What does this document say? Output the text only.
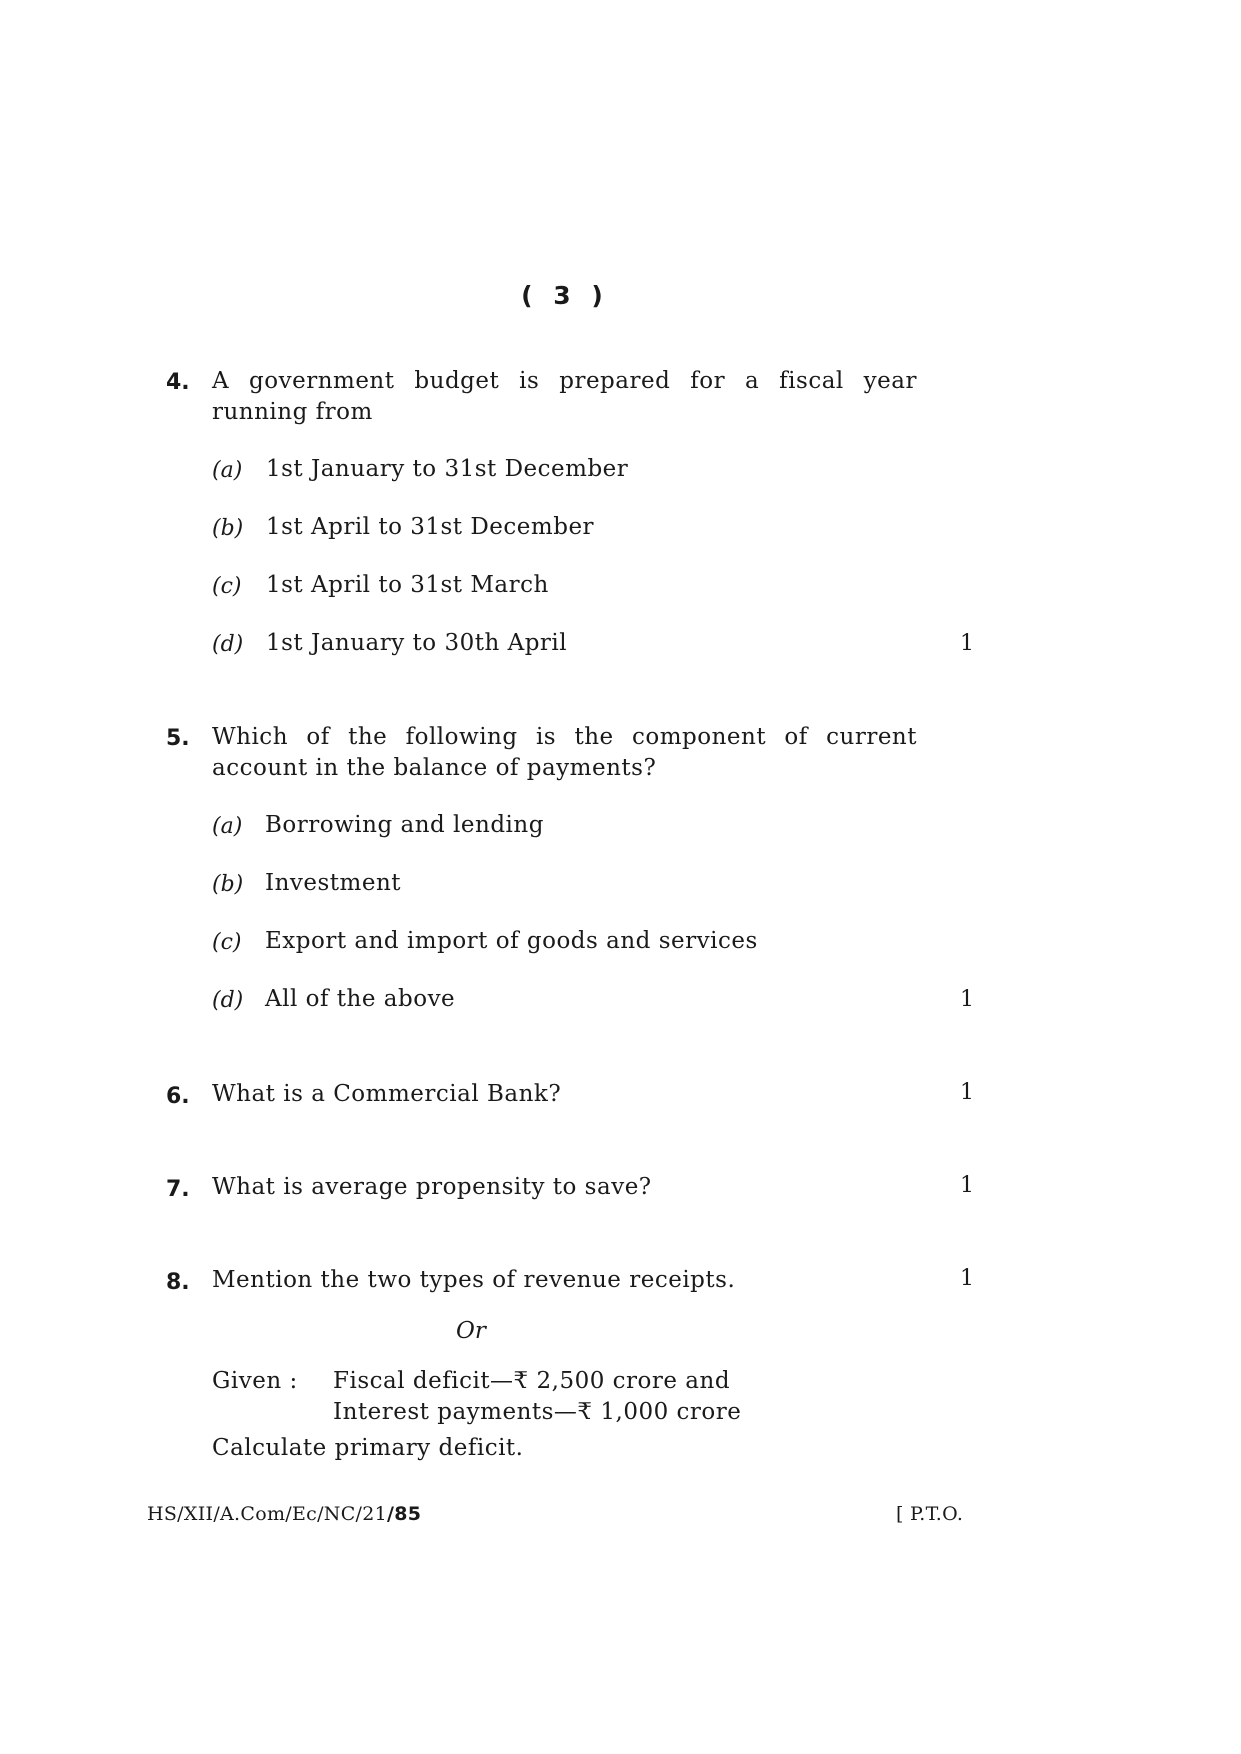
( 3 )
4. A government budget is prepared for a fiscal year
running from
(a) 1st January to 31st December
(b) 1st April to 31st December
(c) 1st April to 31st March
(d) 1st January to 30th April	1
5. Which of the following is the component of current
account in the balance of payments?
(a) Borrowing and lending
(b) Investment
(c) Export and import of goods and services
(d) All of the above	1
6. What is a Commercial Bank?	1
7. What is average propensity to save?	1
8. Mention the two types of revenue receipts.	1
Or
Given : Fiscal deficit—₹ 2,500 crore and
Interest payments—₹ 1,000 crore
Calculate primary deficit.
HS/XII/A.Com/Ec/NC/21/85	[ P.T.O.
